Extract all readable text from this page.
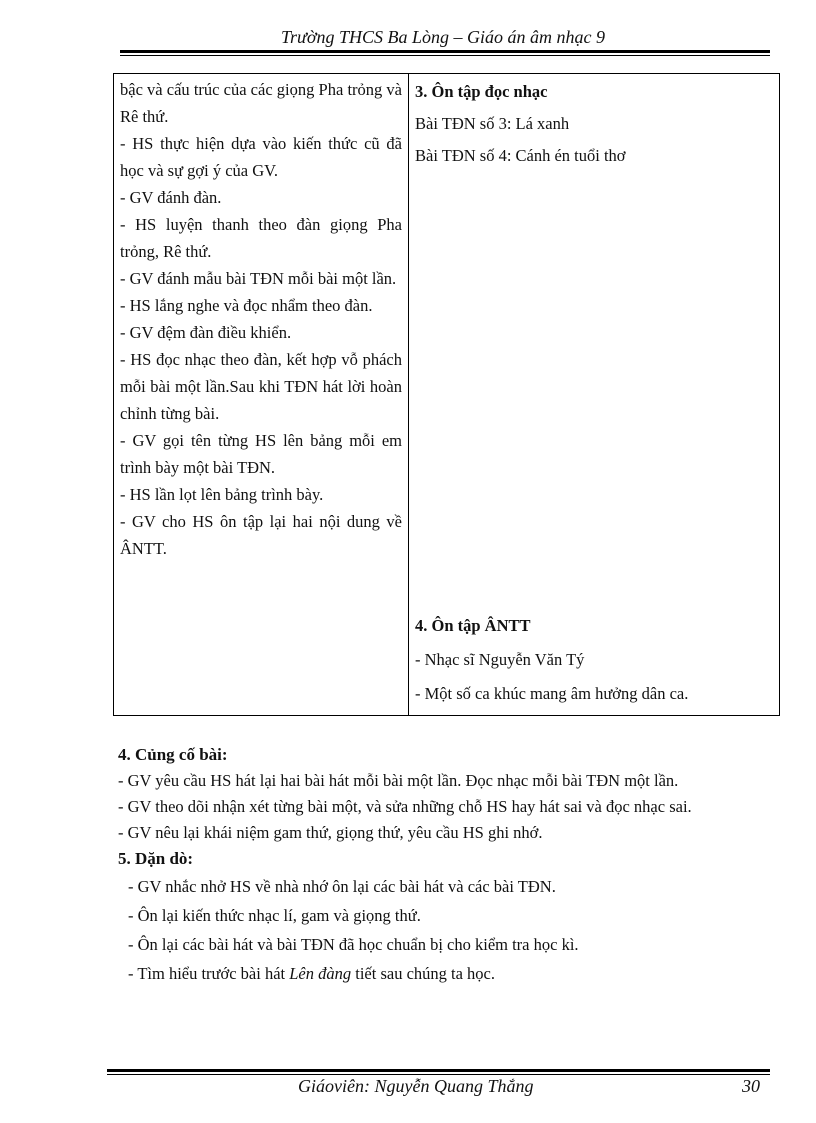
Trường THCS Ba Lòng – Giáo án âm nhạc 9

bậc và cấu trúc của các giọng Pha trỏng và Rê thứ.

- HS thực hiện dựa vào kiến thức cũ đã học và sự gợi ý của GV.

- GV đánh đàn.

- HS luyện thanh theo đàn giọng Pha trỏng, Rê thứ.

- GV đánh mẫu bài TĐN mỗi bài một lần.

- HS lắng nghe và đọc nhẩm theo đàn.

- GV đệm đàn điều khiển.

- HS đọc nhạc theo đàn, kết hợp vỗ phách mỗi bài một lần.Sau khi TĐN hát lời hoàn chỉnh từng bài.

- GV gọi tên từng HS lên bảng mỗi em trình bày một bài TĐN.

- HS lần lọt lên bảng trình bày.

- GV cho HS ôn tập lại hai nội dung về ÂNTT.

3. Ôn tập đọc nhạc
Bài TĐN số 3: Lá xanh
Bài TĐN số 4: Cánh én tuổi thơ
4. Ôn tập ÂNTT
- Nhạc sĩ Nguyễn Văn Tý
- Một số ca khúc mang âm hưởng dân ca.
4. Củng cố bài:
- GV yêu cầu HS hát lại hai bài hát mỗi bài một lần. Đọc nhạc mỗi bài TĐN một lần.
- GV theo dõi nhận xét từng bài một, và sửa những chỗ HS hay hát sai và đọc nhạc sai.
- GV nêu lại khái niệm gam thứ, giọng thứ, yêu cầu HS ghi nhớ.
5. Dặn dò:
- GV nhắc nhở HS về nhà nhớ ôn lại các bài hát và các bài TĐN.
- Ôn lại kiến thức nhạc lí, gam và giọng thứ.
- Ôn lại các bài hát và bài TĐN đã học chuẩn bị cho kiểm tra học kì.
- Tìm hiểu trước bài hát Lên đàng tiết sau chúng ta học.
Giáoviên: Nguyễn Quang Thắng	30
